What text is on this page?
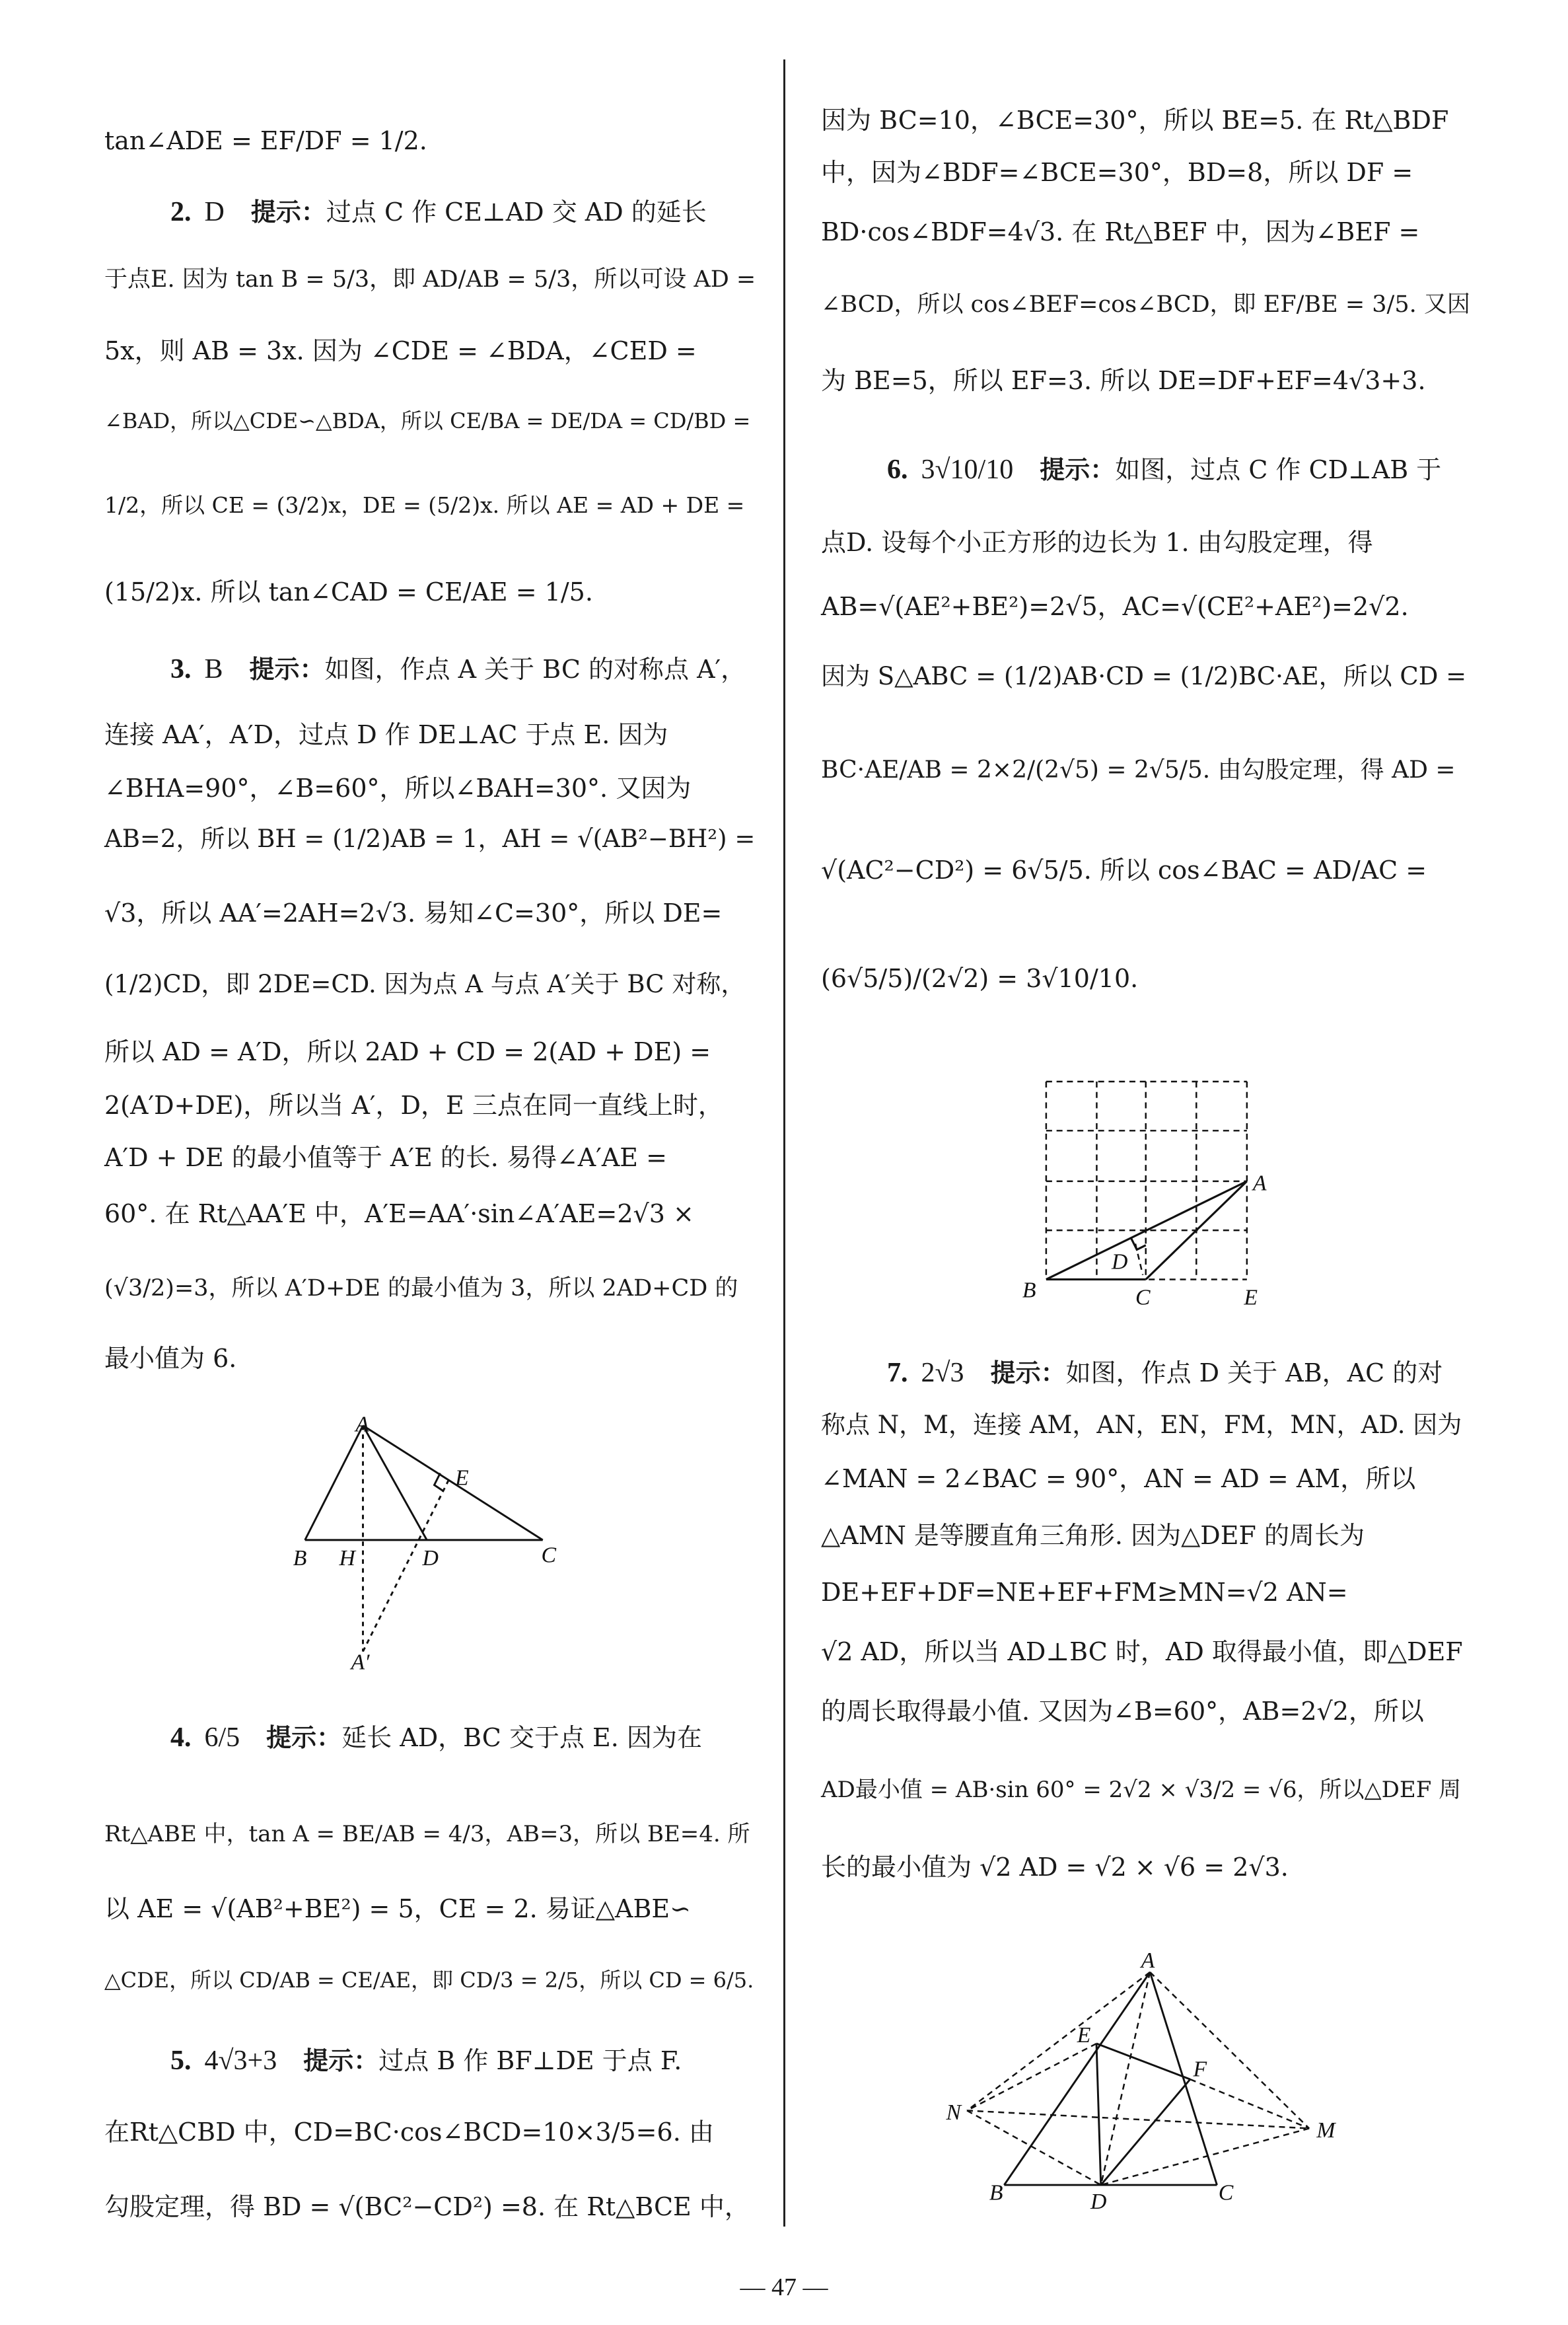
tan∠ADE = EF/DF = 1/2.
2. D 提示：过点 C 作 CE⊥AD 交 AD 的延长
于点E. 因为 tan B = 5/3，即 AD/AB = 5/3，所以可设 AD =
5x，则 AB = 3x. 因为 ∠CDE = ∠BDA，∠CED =
∠BAD，所以△CDE∽△BDA，所以 CE/BA = DE/DA = CD/BD =
1/2，所以 CE = (3/2)x，DE = (5/2)x. 所以 AE = AD + DE =
(15/2)x. 所以 tan∠CAD = CE/AE = 1/5.
3. B 提示：如图，作点 A 关于 BC 的对称点 A′，
连接 AA′，A′D，过点 D 作 DE⊥AC 于点 E. 因为
∠BHA=90°，∠B=60°，所以∠BAH=30°. 又因为
AB=2，所以 BH = (1/2)AB = 1，AH = √(AB²−BH²) =
√3，所以 AA′=2AH=2√3. 易知∠C=30°，所以 DE=
(1/2)CD，即 2DE=CD. 因为点 A 与点 A′关于 BC 对称，
所以 AD = A′D，所以 2AD + CD = 2(AD + DE) =
2(A′D+DE)，所以当 A′，D，E 三点在同一直线上时，
A′D + DE 的最小值等于 A′E 的长. 易得∠A′AE =
60°. 在 Rt△AA′E 中，A′E=AA′·sin∠A′AE=2√3 ×
(√3/2)=3，所以 A′D+DE 的最小值为 3，所以 2AD+CD 的
最小值为 6.
A
E
B	H	D	C
A′
4. 6/5 提示：延长 AD，BC 交于点 E. 因为在
Rt△ABE 中，tan A = BE/AB = 4/3，AB=3，所以 BE=4. 所
以 AE = √(AB²+BE²) = 5，CE = 2. 易证△ABE∽
△CDE，所以 CD/AB = CE/AE，即 CD/3 = 2/5，所以 CD = 6/5.
5. 4√3+3 提示：过点 B 作 BF⊥DE 于点 F.
在Rt△CBD 中，CD=BC·cos∠BCD=10×3/5=6. 由
勾股定理，得 BD = √(BC²−CD²) =8. 在 Rt△BCE 中，
因为 BC=10，∠BCE=30°，所以 BE=5. 在 Rt△BDF
中，因为∠BDF=∠BCE=30°，BD=8，所以 DF =
BD·cos∠BDF=4√3. 在 Rt△BEF 中，因为∠BEF =
∠BCD，所以 cos∠BEF=cos∠BCD，即 EF/BE = 3/5. 又因
为 BE=5，所以 EF=3. 所以 DE=DF+EF=4√3+3.
6. 3√10/10 提示：如图，过点 C 作 CD⊥AB 于
点D. 设每个小正方形的边长为 1. 由勾股定理，得
AB=√(AE²+BE²)=2√5，AC=√(CE²+AE²)=2√2.
因为 S△ABC = (1/2)AB·CD = (1/2)BC·AE，所以 CD =
BC·AE/AB = 2×2/(2√5) = 2√5/5. 由勾股定理，得 AD =
√(AC²−CD²) = 6√5/5. 所以 cos∠BAC = AD/AC =
(6√5/5)/(2√2) = 3√10/10.
A
D
B	C	E
7. 2√3 提示：如图，作点 D 关于 AB，AC 的对
称点 N，M，连接 AM，AN，EN，FM，MN，AD. 因为
∠MAN = 2∠BAC = 90°，AN = AD = AM，所以
△AMN 是等腰直角三角形. 因为△DEF 的周长为
DE+EF+DF=NE+EF+FM≥MN=√2 AN=
√2 AD，所以当 AD⊥BC 时，AD 取得最小值，即△DEF
的周长取得最小值. 又因为∠B=60°，AB=2√2，所以
AD最小值 = AB·sin 60° = 2√2 × √3/2 = √6，所以△DEF 周
长的最小值为 √2 AD = √2 × √6 = 2√3.
A
E
F
N
M
B	D	C
— 47 —
